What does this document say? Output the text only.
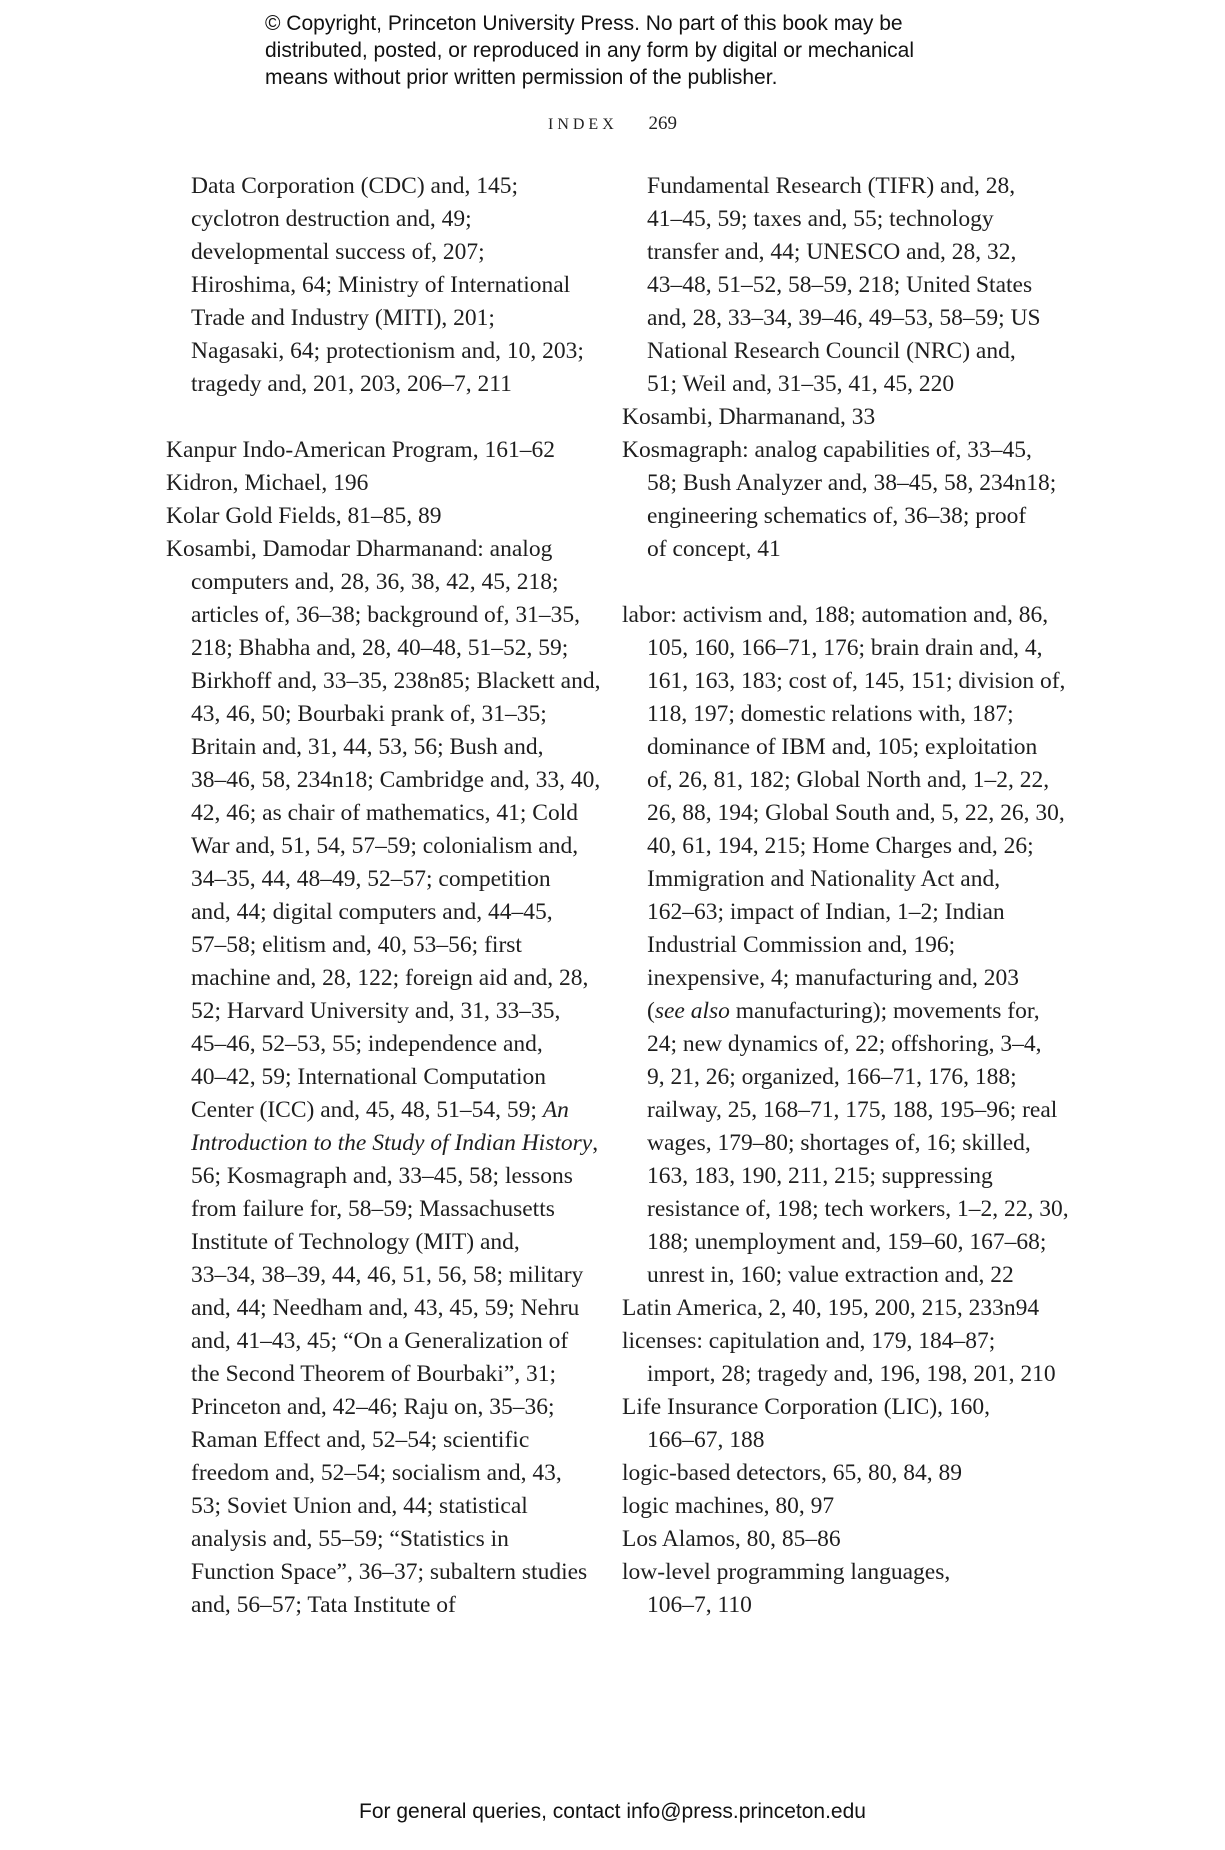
© Copyright, Princeton University Press. No part of this book may be
distributed, posted, or reproduced in any form by digital or mechanical
means without prior written permission of the publisher.
INDEX 269
Data Corporation (CDC) and, 145;
cyclotron destruction and, 49;
developmental success of, 207;
Hiroshima, 64; Ministry of International
Trade and Industry (MITI), 201;
Nagasaki, 64; protectionism and, 10, 203;
tragedy and, 201, 203, 206–7, 211
Kanpur Indo-American Program, 161–62
Kidron, Michael, 196
Kolar Gold Fields, 81–85, 89
Kosambi, Damodar Dharmanand: analog
computers and, 28, 36, 38, 42, 45, 218;
articles of, 36–38; background of, 31–35,
218; Bhabha and, 28, 40–48, 51–52, 59;
Birkhoff and, 33–35, 238n85; Blackett and,
43, 46, 50; Bourbaki prank of, 31–35;
Britain and, 31, 44, 53, 56; Bush and,
38–46, 58, 234n18; Cambridge and, 33, 40,
42, 46; as chair of mathematics, 41; Cold
War and, 51, 54, 57–59; colonialism and,
34–35, 44, 48–49, 52–57; competition
and, 44; digital computers and, 44–45,
57–58; elitism and, 40, 53–56; first
machine and, 28, 122; foreign aid and, 28,
52; Harvard University and, 31, 33–35,
45–46, 52–53, 55; independence and,
40–42, 59; International Computation
Center (ICC) and, 45, 48, 51–54, 59; An
Introduction to the Study of Indian History,
56; Kosmagraph and, 33–45, 58; lessons
from failure for, 58–59; Massachusetts
Institute of Technology (MIT) and,
33–34, 38–39, 44, 46, 51, 56, 58; military
and, 44; Needham and, 43, 45, 59; Nehru
and, 41–43, 45; “On a Generalization of
the Second Theorem of Bourbaki”, 31;
Princeton and, 42–46; Raju on, 35–36;
Raman Effect and, 52–54; scientific
freedom and, 52–54; socialism and, 43,
53; Soviet Union and, 44; statistical
analysis and, 55–59; “Statistics in
Function Space”, 36–37; subaltern studies
and, 56–57; Tata Institute of
Fundamental Research (TIFR) and, 28,
41–45, 59; taxes and, 55; technology
transfer and, 44; UNESCO and, 28, 32,
43–48, 51–52, 58–59, 218; United States
and, 28, 33–34, 39–46, 49–53, 58–59; US
National Research Council (NRC) and,
51; Weil and, 31–35, 41, 45, 220
Kosambi, Dharmanand, 33
Kosmagraph: analog capabilities of, 33–45,
58; Bush Analyzer and, 38–45, 58, 234n18;
engineering schematics of, 36–38; proof
of concept, 41
labor: activism and, 188; automation and, 86,
105, 160, 166–71, 176; brain drain and, 4,
161, 163, 183; cost of, 145, 151; division of,
118, 197; domestic relations with, 187;
dominance of IBM and, 105; exploitation
of, 26, 81, 182; Global North and, 1–2, 22,
26, 88, 194; Global South and, 5, 22, 26, 30,
40, 61, 194, 215; Home Charges and, 26;
Immigration and Nationality Act and,
162–63; impact of Indian, 1–2; Indian
Industrial Commission and, 196;
inexpensive, 4; manufacturing and, 203
(see also manufacturing); movements for,
24; new dynamics of, 22; offshoring, 3–4,
9, 21, 26; organized, 166–71, 176, 188;
railway, 25, 168–71, 175, 188, 195–96; real
wages, 179–80; shortages of, 16; skilled,
163, 183, 190, 211, 215; suppressing
resistance of, 198; tech workers, 1–2, 22, 30,
188; unemployment and, 159–60, 167–68;
unrest in, 160; value extraction and, 22
Latin America, 2, 40, 195, 200, 215, 233n94
licenses: capitulation and, 179, 184–87;
import, 28; tragedy and, 196, 198, 201, 210
Life Insurance Corporation (LIC), 160,
166–67, 188
logic-based detectors, 65, 80, 84, 89
logic machines, 80, 97
Los Alamos, 80, 85–86
low-level programming languages,
106–7, 110
For general queries, contact info@press.princeton.edu
